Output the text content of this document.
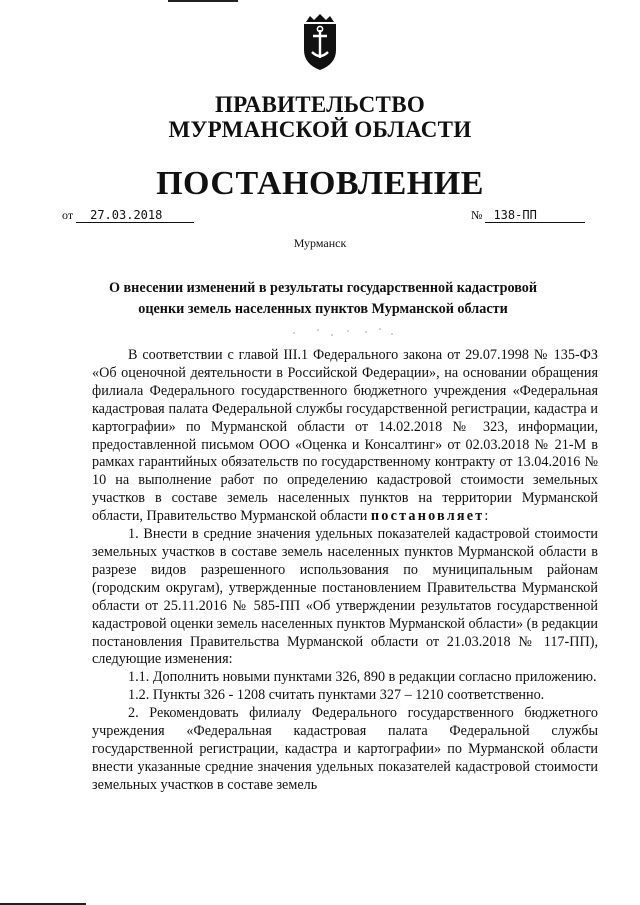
ПРАВИТЕЛЬСТВО
МУРМАНСКОЙ ОБЛАСТИ
ПОСТАНОВЛЕНИЕ
от 27.03.2018	№ 138-ПП
Мурманск
О внесении изменений в результаты государственной кадастровой
оценки земель населенных пунктов Мурманской области

В соответствии с главой III.1 Федерального закона от 29.07.1998 № 135-ФЗ «Об оценочной деятельности в Российской Федерации», на основании обращения филиала Федерального государственного бюджетного учреждения «Федеральная кадастровая палата Федеральной службы государственной регистрации, кадастра и картографии» по Мурманской области от 14.02.2018 № 323, информации, предоставленной письмом ООО «Оценка и Консалтинг» от 02.03.2018 № 21-М в рамках гарантийных обязательств по государственному контракту от 13.04.2016 № 10 на выполнение работ по определению кадастровой стоимости земельных участков в составе земель населенных пунктов на территории Мурманской области, Правительство Мурманской области постановляет:

1. Внести в средние значения удельных показателей кадастровой стоимости земельных участков в составе земель населенных пунктов Мурманской области в разрезе видов разрешенного использования по муниципальным районам (городским округам), утвержденные постановлением Правительства Мурманской области от 25.11.2016 № 585-ПП «Об утверждении результатов государственной кадастровой оценки земель населенных пунктов Мурманской области» (в редакции постановления Правительства Мурманской области от 21.03.2018 № 117-ПП), следующие изменения:

1.1. Дополнить новыми пунктами 326, 890 в редакции согласно приложению.

1.2. Пункты 326 - 1208 считать пунктами 327 – 1210 соответственно.

2. Рекомендовать филиалу Федерального государственного бюджетного учреждения «Федеральная кадастровая палата Федеральной службы государственной регистрации, кадастра и картографии» по Мурманской области внести указанные средние значения удельных показателей кадастровой стоимости земельных участков в составе земель
